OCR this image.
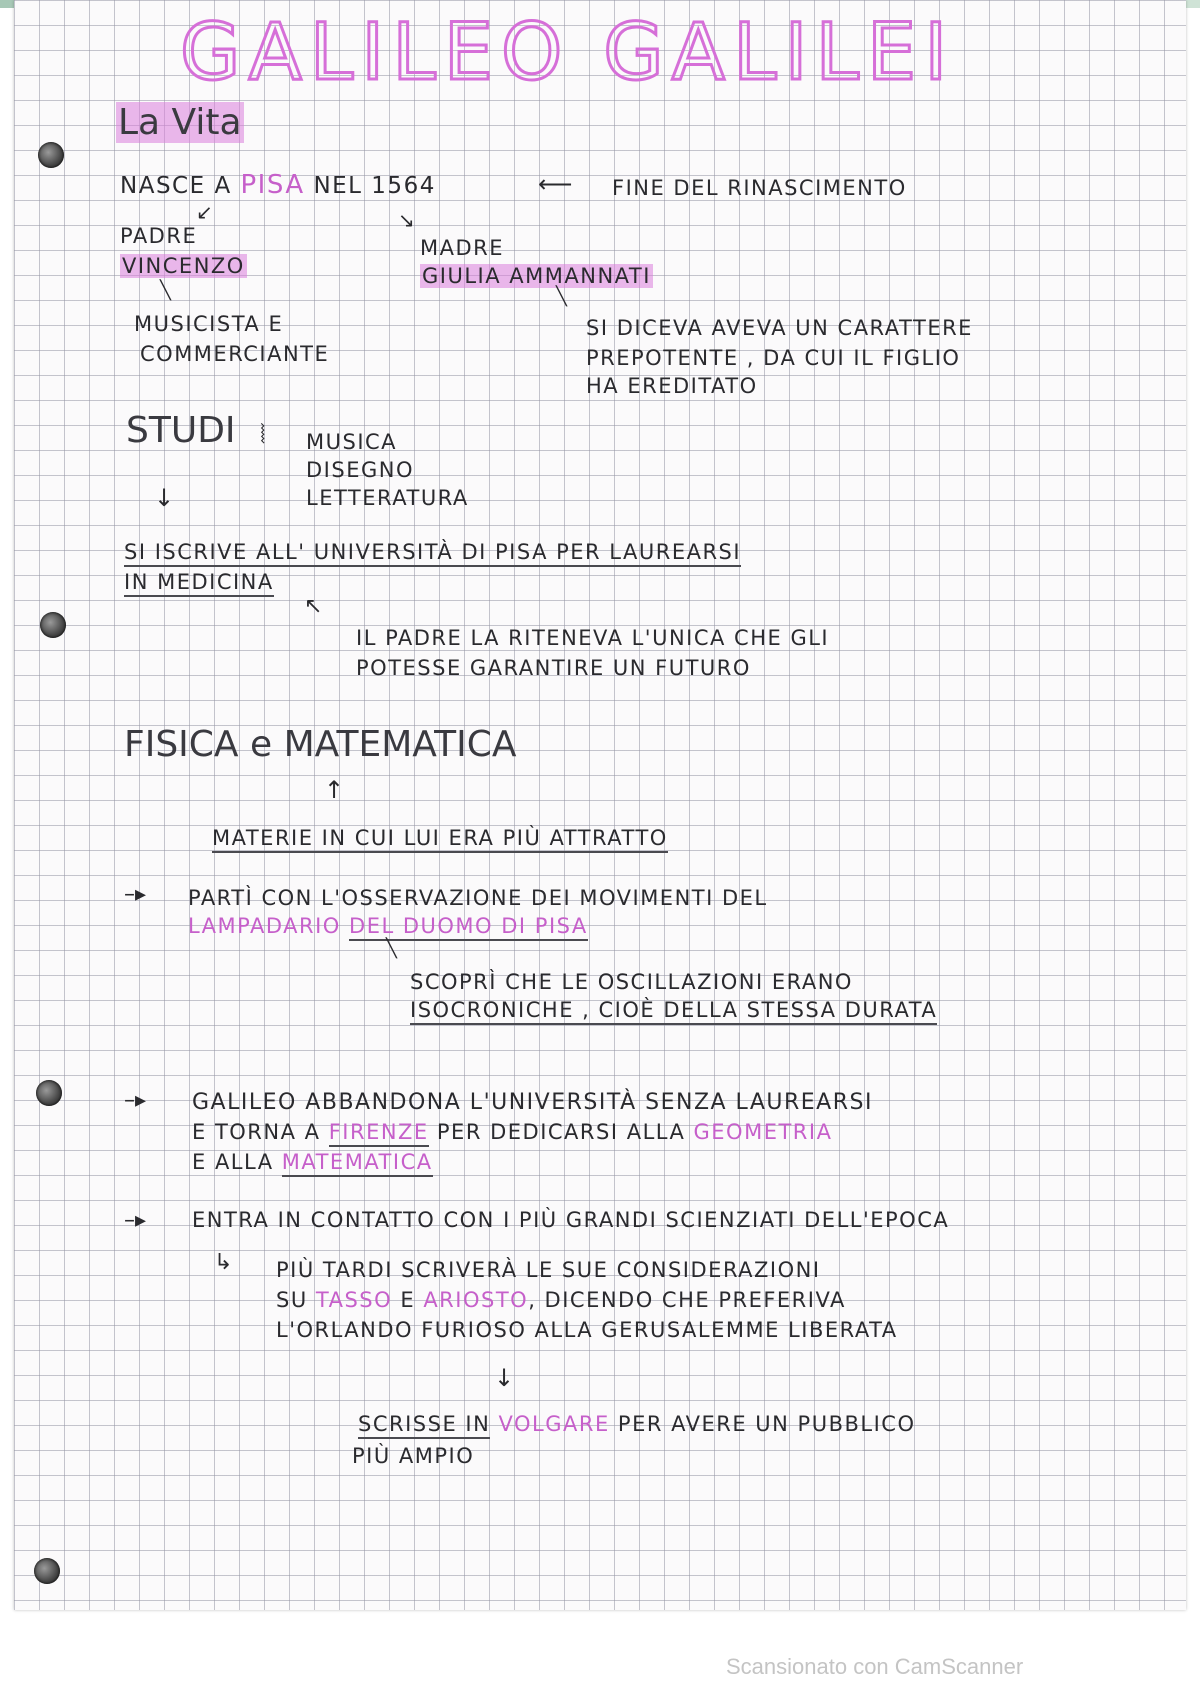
GALILEO GALILEI
La Vita
NASCE A PISA NEL 1564	⟵ FINE DEL RINASCIMENTO
↙	↘
PADRE
VINCENZO
╲
MUSICISTA E
COMMERCIANTE
MADRE
GIULIA AMMANNATI
╲
SI DICEVA AVEVA UN CARATTERE
PREPOTENTE , DA CUI IL FIGLIO
HA EREDITATO
STUDI ⦚ MUSICA
DISEGNO
LETTERATURA
↓
SI ISCRIVE ALL' UNIVERSITÀ DI PISA PER LAUREARSI
IN MEDICINA
↖
IL PADRE LA RITENEVA L'UNICA CHE GLI
POTESSE GARANTIRE UN FUTURO
FISICA e MATEMATICA
↑
MATERIE IN CUI LUI ERA PIÙ ATTRATTO
–▸ PARTÌ CON L'OSSERVAZIONE DEI MOVIMENTI DEL
LAMPADARIO DEL DUOMO DI PISA
╲
SCOPRÌ CHE LE OSCILLAZIONI ERANO
ISOCRONICHE , CIOÈ DELLA STESSA DURATA
–▸ GALILEO ABBANDONA L'UNIVERSITÀ SENZA LAUREARSI
E TORNA A FIRENZE PER DEDICARSI ALLA GEOMETRIA
E ALLA MATEMATICA
–▸ ENTRA IN CONTATTO CON I PIÙ GRANDI SCIENZIATI DELL'EPOCA
↳ PIÙ TARDI SCRIVERÀ LE SUE CONSIDERAZIONI
SU TASSO E ARIOSTO, DICENDO CHE PREFERIVA
L'ORLANDO FURIOSO ALLA GERUSALEMME LIBERATA
↓
SCRISSE IN VOLGARE PER AVERE UN PUBBLICO
PIÙ AMPIO
Scansionato con CamScanner
